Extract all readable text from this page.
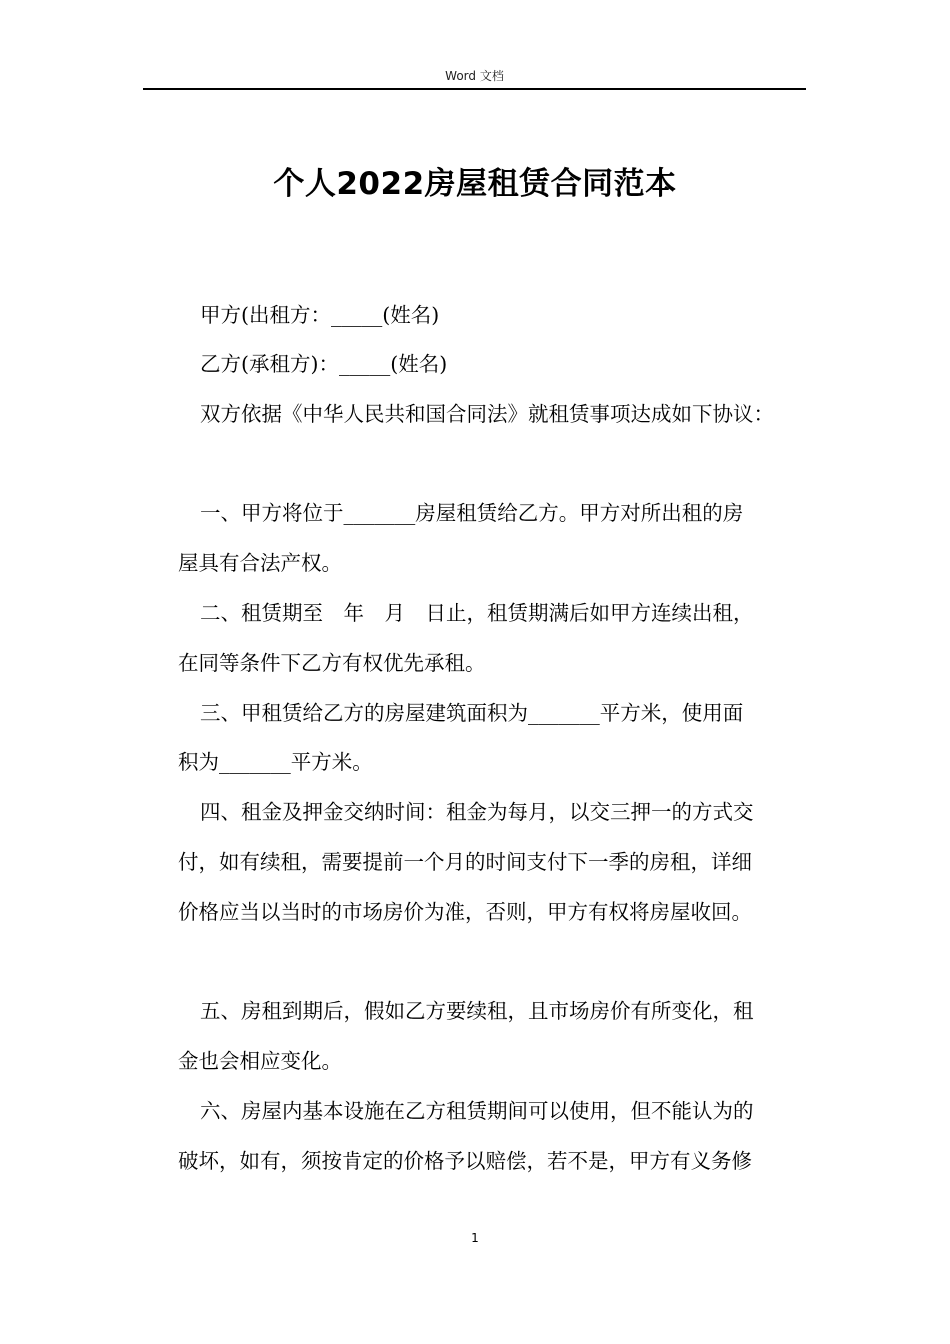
Word 文档
个人2022房屋租赁合同范本
甲方(出租方：_____(姓名)
乙方(承租方)：_____(姓名)
双方依据《中华人民共和国合同法》就租赁事项达成如下协议：
一、甲方将位于_______房屋租赁给乙方。甲方对所出租的房
屋具有合法产权。
二、租赁期至　年　月　日止，租赁期满后如甲方连续出租，
在同等条件下乙方有权优先承租。
三、甲租赁给乙方的房屋建筑面积为_______平方米，使用面
积为_______平方米。
四、租金及押金交纳时间：租金为每月，以交三押一的方式交
付，如有续租，需要提前一个月的时间支付下一季的房租，详细
价格应当以当时的市场房价为准，否则，甲方有权将房屋收回。
五、房租到期后，假如乙方要续租，且市场房价有所变化，租
金也会相应变化。
六、房屋内基本设施在乙方租赁期间可以使用，但不能认为的
破坏，如有，须按肯定的价格予以赔偿，若不是，甲方有义务修
1
